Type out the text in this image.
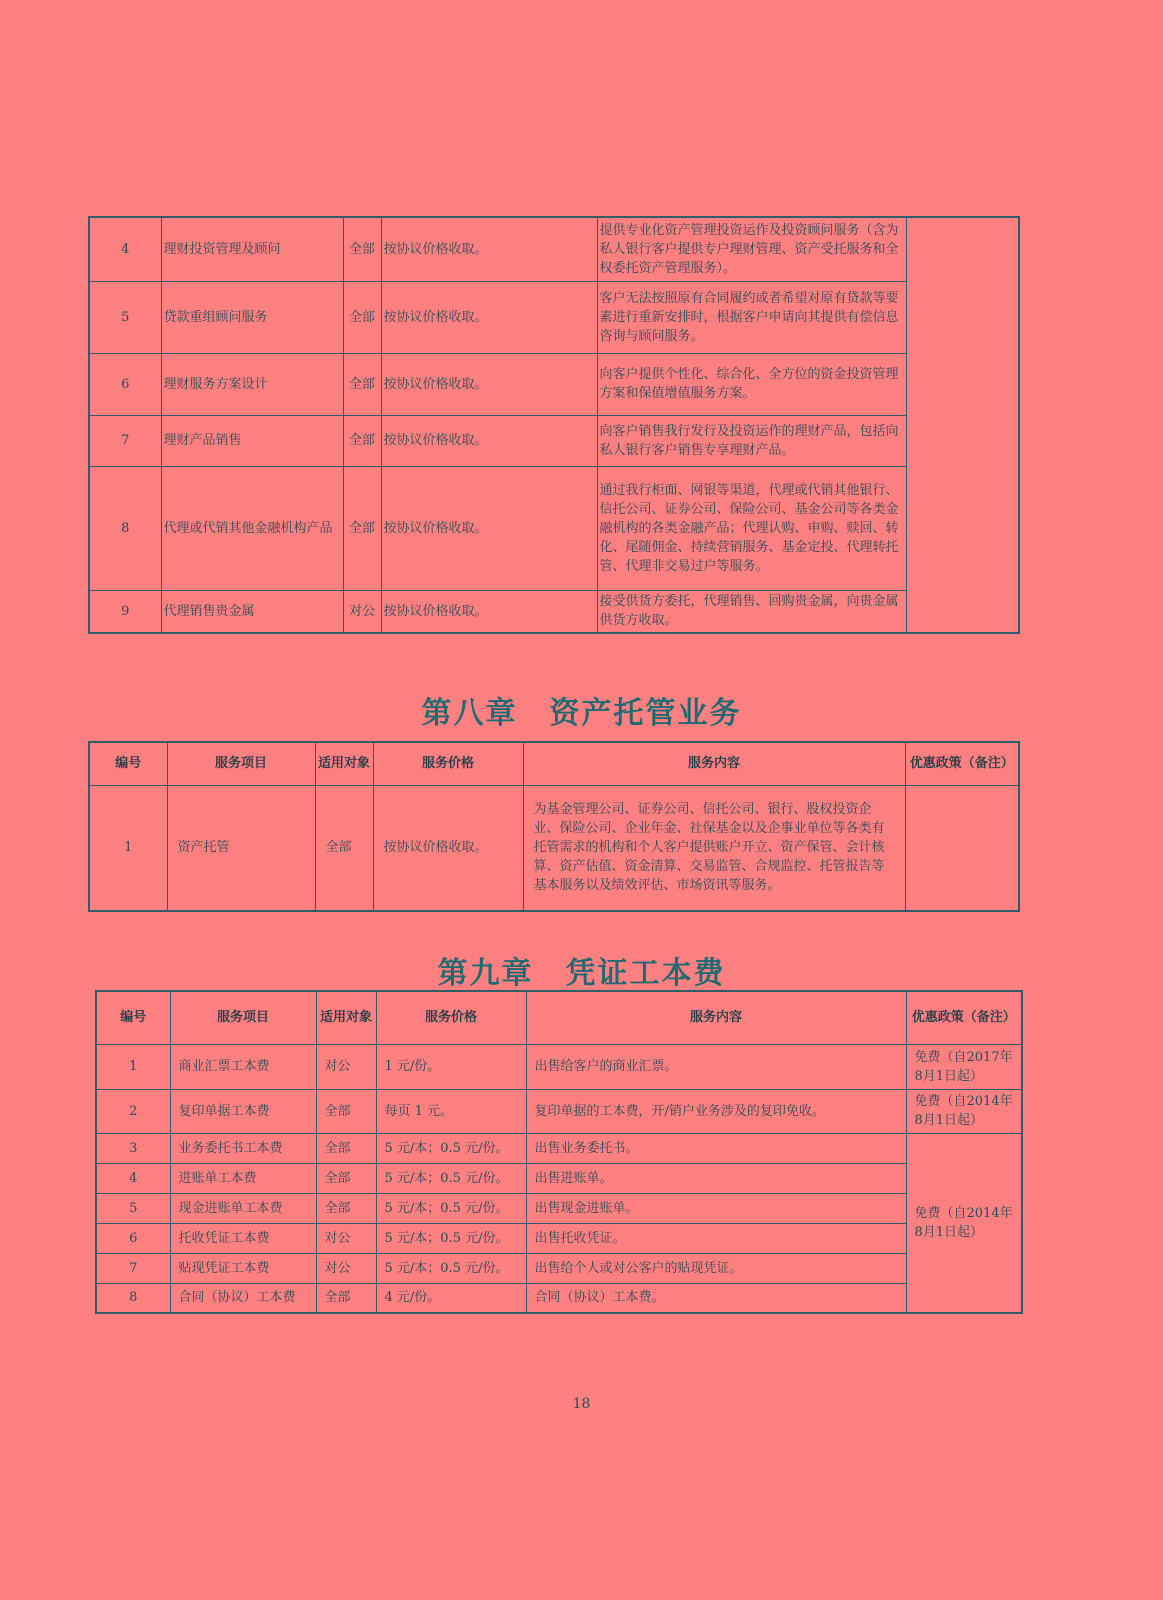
4	理财投资管理及顾问	全部	按协议价格收取。	提供专业化资产管理投资运作及投资顾问服务（含为私人银行客户提供专户理财管理、资产受托服务和全权委托资产管理服务）。	
5	贷款重组顾问服务	全部	按协议价格收取。	客户无法按照原有合同履约或者希望对原有贷款等要素进行重新安排时，根据客户申请向其提供有偿信息咨询与顾问服务。	
6	理财服务方案设计	全部	按协议价格收取。	向客户提供个性化、综合化、全方位的资金投资管理方案和保值增值服务方案。	
7	理财产品销售	全部	按协议价格收取。	向客户销售我行发行及投资运作的理财产品，包括向私人银行客户销售专享理财产品。	
8	代理或代销其他金融机构产品	全部	按协议价格收取。	通过我行柜面、网银等渠道，代理或代销其他银行、信托公司、证券公司、保险公司、基金公司等各类金融机构的各类金融产品；代理认购、申购、赎回、转化、尾随佣金、持续营销服务、基金定投、代理转托管、代理非交易过户等服务。	
9	代理销售贵金属	对公	按协议价格收取。	接受供货方委托，代理销售、回购贵金属，向贵金属供货方收取。	
第八章　资产托管业务
编号	服务项目	适用对象	服务价格	服务内容	优惠政策（备注）
1	资产托管	全部	按协议价格收取。	为基金管理公司、证券公司、信托公司、银行、股权投资企业、保险公司、企业年金、社保基金以及企事业单位等各类有托管需求的机构和个人客户提供账户开立、资产保管、会计核算、资产估值、资金清算、交易监管、合规监控、托管报告等基本服务以及绩效评估、市场资讯等服务。	
第九章　凭证工本费
编号	服务项目	适用对象	服务价格	服务内容	优惠政策（备注）
1	商业汇票工本费	对公	1 元/份。	出售给客户的商业汇票。	免费（自2017年8月1日起）
2	复印单据工本费	全部	每页 1 元。	复印单据的工本费，开/销户业务涉及的复印免收。	免费（自2014年8月1日起）
3	业务委托书工本费	全部	5 元/本；0.5 元/份。	出售业务委托书。	免费（自2014年8月1日起）
4	进账单工本费	全部	5 元/本；0.5 元/份。	出售进账单。	
5	现金进账单工本费	全部	5 元/本；0.5 元/份。	出售现金进账单。	
6	托收凭证工本费	对公	5 元/本；0.5 元/份。	出售托收凭证。	
7	贴现凭证工本费	对公	5 元/本；0.5 元/份。	出售给个人或对公客户的贴现凭证。	
8	合同（协议）工本费	全部	4 元/份。	合同（协议）工本费。	
18
